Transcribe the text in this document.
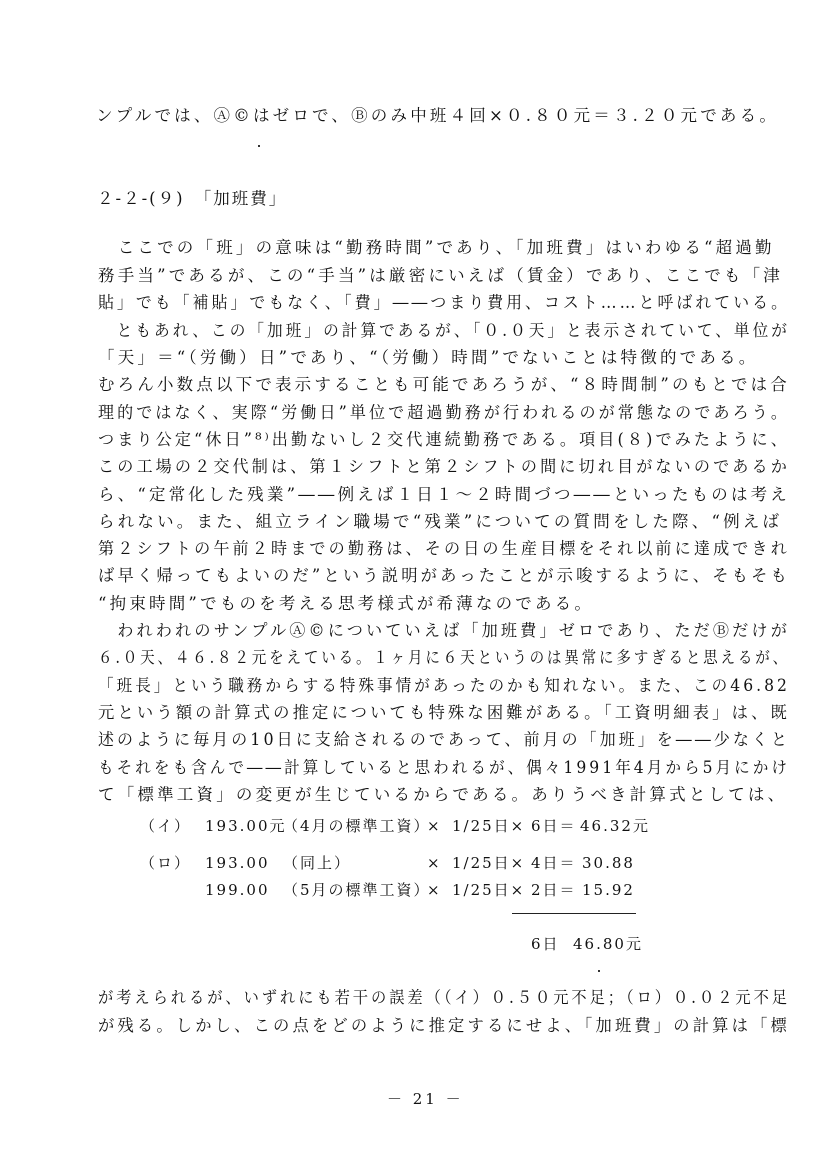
ンプルでは、Ⓐ©はゼロで、Ⓑのみ中班４回×０.８０元＝３.２０元である。
２-２-(９)　「加班費」
　ここでの「班」の意味は“勤務時間”であり、「加班費」はいわゆる“超過勤
務手当”であるが、この“手当”は厳密にいえば（賃金）であり、ここでも「津
貼」でも「補貼」でもなく、「費」――つまり費用、コスト……と呼ばれている。
　ともあれ、この「加班」の計算であるが、「０.０天」と表示されていて、単位が
「天」＝“（労働）日”であり、“（労働）時間”でないことは特徴的である。
むろん小数点以下で表示することも可能であろうが、“８時間制”のもとでは合
理的ではなく、実際“労働日”単位で超過勤務が行われるのが常態なのであろう。
つまり公定“休日”⁸⁾出勤ないし２交代連続勤務である。項目(８)でみたように、
この工場の２交代制は、第１シフトと第２シフトの間に切れ目がないのであるか
ら、“定常化した残業”――例えば１日１～２時間づつ――といったものは考え
られない。また、組立ライン職場で“残業”についての質問をした際、“例えば
第２シフトの午前２時までの勤務は、その日の生産目標をそれ以前に達成できれ
ば早く帰ってもよいのだ”という説明があったことが示唆するように、そもそも
“拘束時間”でものを考える思考様式が希薄なのである。
　われわれのサンプルⒶ©についていえば「加班費」ゼロであり、ただⒷだけが
６.０天、４６.８２元をえている。１ヶ月に６天というのは異常に多すぎると思えるが、
「班長」という職務からする特殊事情があったのかも知れない。また、この46.82
元という額の計算式の推定についても特殊な困難がある。「工資明細表」は、既
述のように毎月の10日に支給されるのであって、前月の「加班」を――少なくと
もそれをも含んで――計算していると思われるが、偶々1991年4月から5月にかけ
て「標準工資」の変更が生じているからである。ありうべき計算式としては、
（イ） 193.00元
（4月の標準工資）
× 1/25日× 6日＝ 46.32元
（ロ） 193.00 （同上）	× 1/25日× 4日＝ 30.88
199.00 （5月の標準工資）
× 1/25日× 2日＝ 15.92
6日 46.80元
が考えられるが、いずれにも若干の誤差（（イ）０.５０元不足；（ロ）０.０２元不足
が残る。しかし、この点をどのように推定するにせよ、「加班費」の計算は「標
－ 21 －
